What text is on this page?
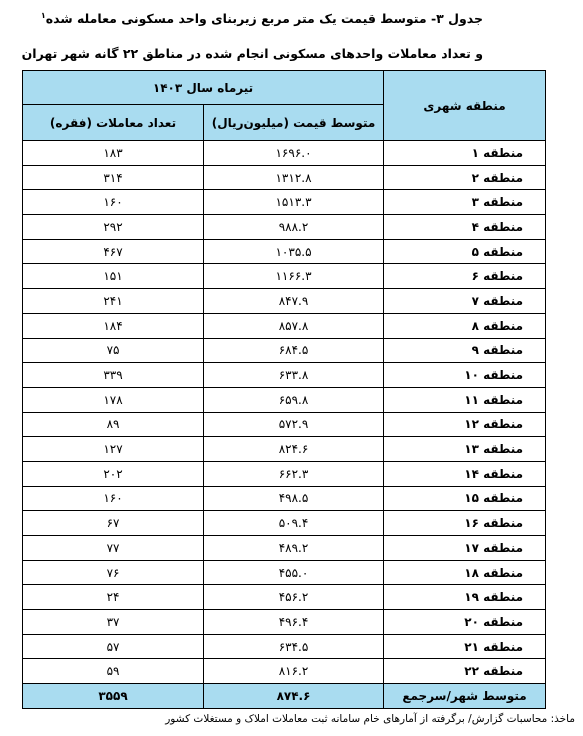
جدول ۳- متوسط قیمت یک متر مربع زیربنای واحد مسکونی معامله شده$^۱$
و تعداد معاملات واحدهای مسکونی انجام شده در مناطق ۲۲ گانه شهر تهران
منطقه شهری	تیرماه سال ۱۴۰۳	
	متوسط قیمت (میلیون‌ریال)	تعداد معاملات (فقره)
منطقه ۱	۱۶۹۶.۰	۱۸۳
منطقه ۲	۱۳۱۲.۸	۳۱۴
منطقه ۳	۱۵۱۳.۳	۱۶۰
منطقه ۴	۹۸۸.۲	۲۹۲
منطقه ۵	۱۰۳۵.۵	۴۶۷
منطقه ۶	۱۱۶۶.۳	۱۵۱
منطقه ۷	۸۴۷.۹	۲۴۱
منطقه ۸	۸۵۷.۸	۱۸۴
منطقه ۹	۶۸۴.۵	۷۵
منطقه ۱۰	۶۳۳.۸	۳۳۹
منطقه ۱۱	۶۵۹.۸	۱۷۸
منطقه ۱۲	۵۷۲.۹	۸۹
منطقه ۱۳	۸۲۴.۶	۱۲۷
منطقه ۱۴	۶۶۲.۳	۲۰۲
منطقه ۱۵	۴۹۸.۵	۱۶۰
منطقه ۱۶	۵۰۹.۴	۶۷
منطقه ۱۷	۴۸۹.۲	۷۷
منطقه ۱۸	۴۵۵.۰	۷۶
منطقه ۱۹	۴۵۶.۲	۲۴
منطقه ۲۰	۴۹۶.۴	۳۷
منطقه ۲۱	۶۳۴.۵	۵۷
منطقه ۲۲	۸۱۶.۲	۵۹
متوسط شهر/سرجمع	۸۷۴.۶	۳۵۵۹
ماخذ: محاسبات گزارش/ برگرفته از آمارهای خام سامانه ثبت معاملات املاک و مستغلات کشور
